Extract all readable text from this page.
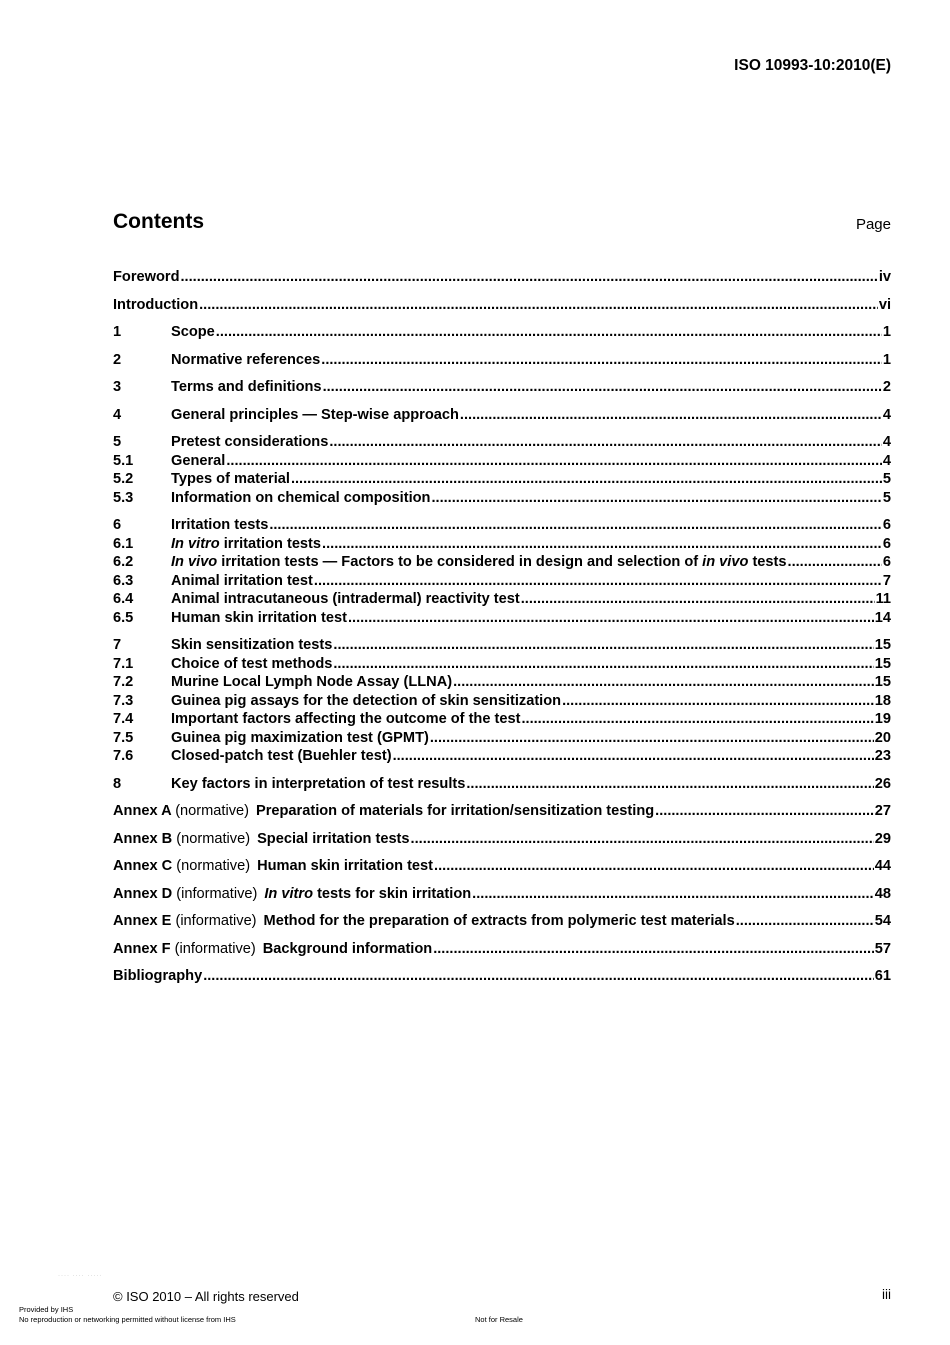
ISO 10993-10:2010(E)
Contents	Page
Foreword .....	iv
Introduction .....	vi
1	Scope .....	1
2	Normative references .....	1
3	Terms and definitions .....	2
4	General principles — Step-wise approach .....	4
5	Pretest considerations .....	4
5.1	General .....	4
5.2	Types of material .....	5
5.3	Information on chemical composition .....	5
6	Irritation tests .....	6
6.1	In vitro irritation tests .....	6
6.2	In vivo irritation tests — Factors to be considered in design and selection of in vivo tests .....	6
6.3	Animal irritation test .....	7
6.4	Animal intracutaneous (intradermal) reactivity test .....	11
6.5	Human skin irritation test .....	14
7	Skin sensitization tests .....	15
7.1	Choice of test methods .....	15
7.2	Murine Local Lymph Node Assay (LLNA) .....	15
7.3	Guinea pig assays for the detection of skin sensitization .....	18
7.4	Important factors affecting the outcome of the test .....	19
7.5	Guinea pig maximization test (GPMT) .....	20
7.6	Closed-patch test (Buehler test) .....	23
8	Key factors in interpretation of test results .....	26
Annex A (normative) Preparation of materials for irritation/sensitization testing .....	27
Annex B (normative) Special irritation tests .....	29
Annex C (normative) Human skin irritation test .....	44
Annex D (informative) In vitro tests for skin irritation .....	48
Annex E (informative) Method for the preparation of extracts from polymeric test materials .....	54
Annex F (informative) Background information .....	57
Bibliography .....	61
···· ···· ·····
© ISO 2010 – All rights reserved	iii
Provided by IHS
No reproduction or networking permitted without license from IHS	Not for Resale
